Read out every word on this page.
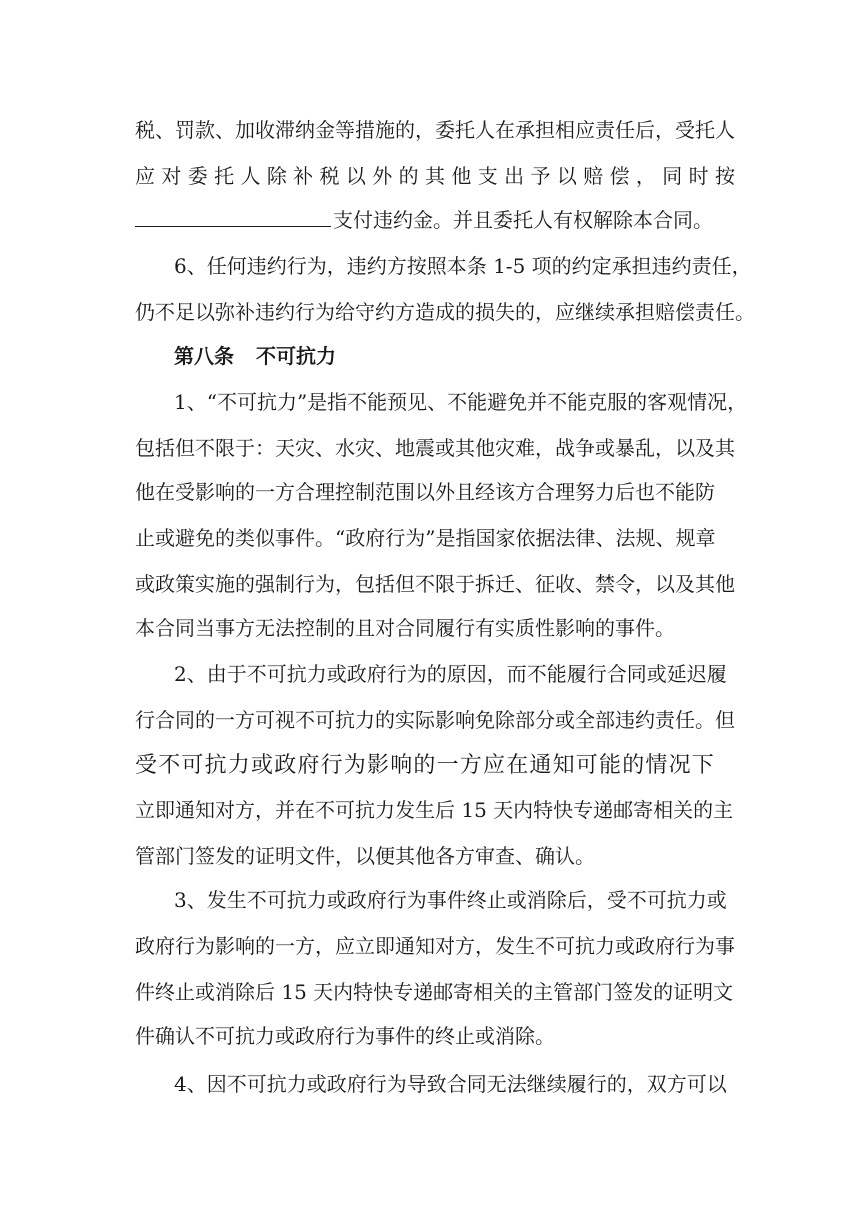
税、罚款、加收滞纳金等措施的，委托人在承担相应责任后，受托人
应对委托人除补税以外的其他支出予以赔偿，同时按
支付违约金。并且委托人有权解除本合同。
6、任何违约行为，违约方按照本条 1-5 项的约定承担违约责任，
仍不足以弥补违约行为给守约方造成的损失的，应继续承担赔偿责任。
第八条 不可抗力
1、“不可抗力”是指不能预见、不能避免并不能克服的客观情况，
包括但不限于：天灾、水灾、地震或其他灾难，战争或暴乱，以及其
他在受影响的一方合理控制范围以外且经该方合理努力后也不能防
止或避免的类似事件。“政府行为”是指国家依据法律、法规、规章
或政策实施的强制行为，包括但不限于拆迁、征收、禁令，以及其他
本合同当事方无法控制的且对合同履行有实质性影响的事件。
2、由于不可抗力或政府行为的原因，而不能履行合同或延迟履
行合同的一方可视不可抗力的实际影响免除部分或全部违约责任。但
受不可抗力或政府行为影响的一方应在通知可能的情况下
立即通知对方，并在不可抗力发生后 15 天内特快专递邮寄相关的主
管部门签发的证明文件，以便其他各方审查、确认。
3、发生不可抗力或政府行为事件终止或消除后，受不可抗力或
政府行为影响的一方，应立即通知对方，发生不可抗力或政府行为事
件终止或消除后 15 天内特快专递邮寄相关的主管部门签发的证明文
件确认不可抗力或政府行为事件的终止或消除。
4、因不可抗力或政府行为导致合同无法继续履行的，双方可以
